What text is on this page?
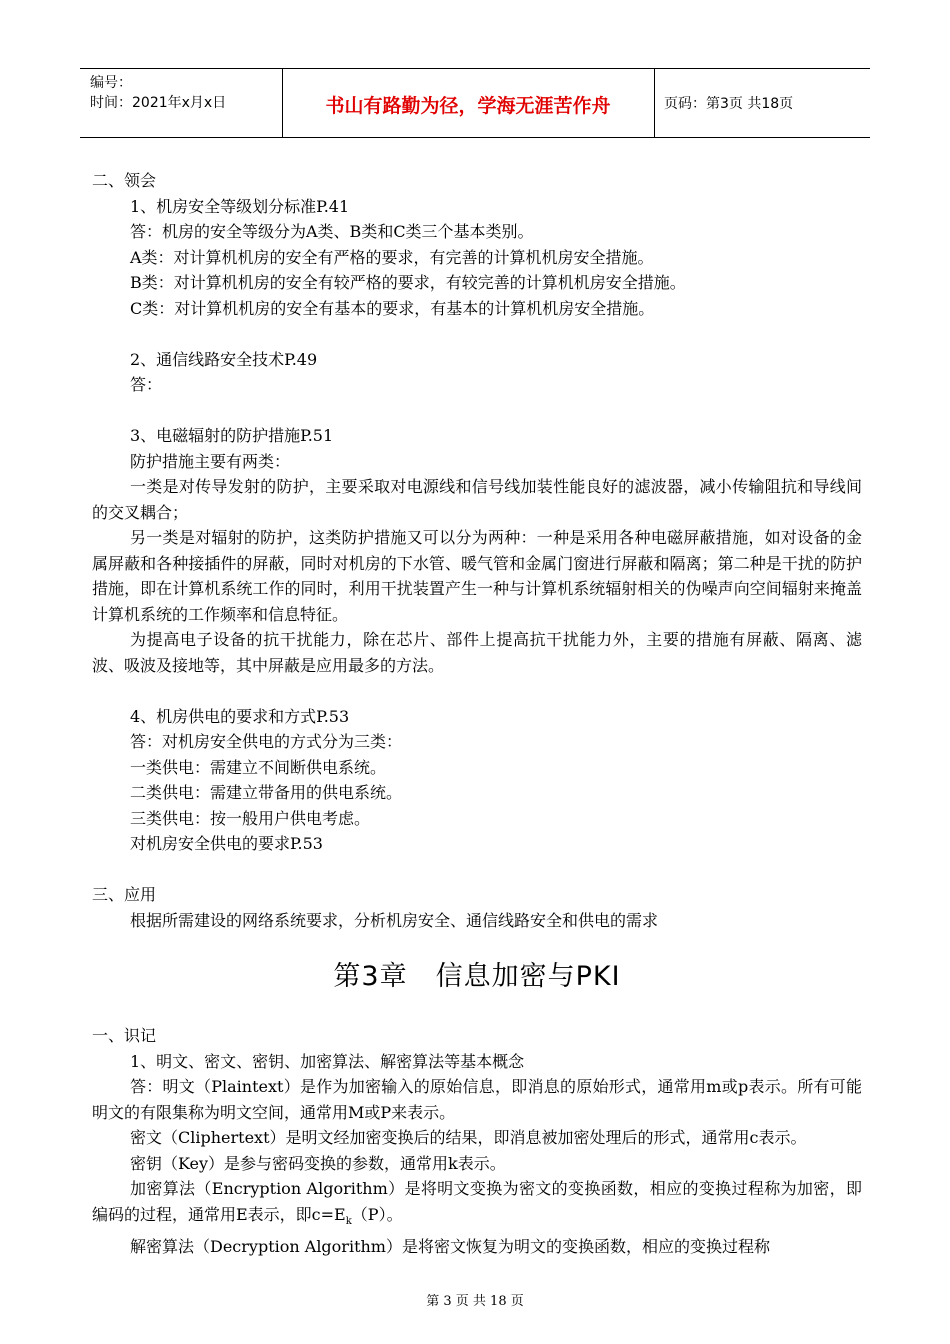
编号：
时间：2021年x月x日	书山有路勤为径，学海无涯苦作舟	页码：第3页 共18页
二、领会
1、机房安全等级划分标准P.41
答：机房的安全等级分为A类、B类和C类三个基本类别。
A类：对计算机机房的安全有严格的要求，有完善的计算机机房安全措施。
B类：对计算机机房的安全有较严格的要求，有较完善的计算机机房安全措施。
C类：对计算机机房的安全有基本的要求，有基本的计算机机房安全措施。
2、通信线路安全技术P.49
答：
3、电磁辐射的防护措施P.51
防护措施主要有两类：
一类是对传导发射的防护，主要采取对电源线和信号线加装性能良好的滤波器，减小传输阻抗和导线间的交叉耦合；
另一类是对辐射的防护，这类防护措施又可以分为两种：一种是采用各种电磁屏蔽措施，如对设备的金属屏蔽和各种接插件的屏蔽，同时对机房的下水管、暖气管和金属门窗进行屏蔽和隔离；第二种是干扰的防护措施，即在计算机系统工作的同时，利用干扰装置产生一种与计算机系统辐射相关的伪噪声向空间辐射来掩盖计算机系统的工作频率和信息特征。
为提高电子设备的抗干扰能力，除在芯片、部件上提高抗干扰能力外，主要的措施有屏蔽、隔离、滤波、吸波及接地等，其中屏蔽是应用最多的方法。
4、机房供电的要求和方式P.53
答：对机房安全供电的方式分为三类：
一类供电：需建立不间断供电系统。
二类供电：需建立带备用的供电系统。
三类供电：按一般用户供电考虑。
对机房安全供电的要求P.53
三、应用
根据所需建设的网络系统要求，分析机房安全、通信线路安全和供电的需求
第3章　信息加密与PKI
一、识记
1、明文、密文、密钥、加密算法、解密算法等基本概念
答：明文（Plaintext）是作为加密输入的原始信息，即消息的原始形式，通常用m或p表示。所有可能明文的有限集称为明文空间，通常用M或P来表示。
密文（Cliphertext）是明文经加密变换后的结果，即消息被加密处理后的形式，通常用c表示。
密钥（Key）是参与密码变换的参数，通常用k表示。
加密算法（Encryption Algorithm）是将明文变换为密文的变换函数，相应的变换过程称为加密，即编码的过程，通常用E表示，即$c=E_k(P)$。
解密算法（Decryption Algorithm）是将密文恢复为明文的变换函数，相应的变换过程称
第 3 页 共 18 页
